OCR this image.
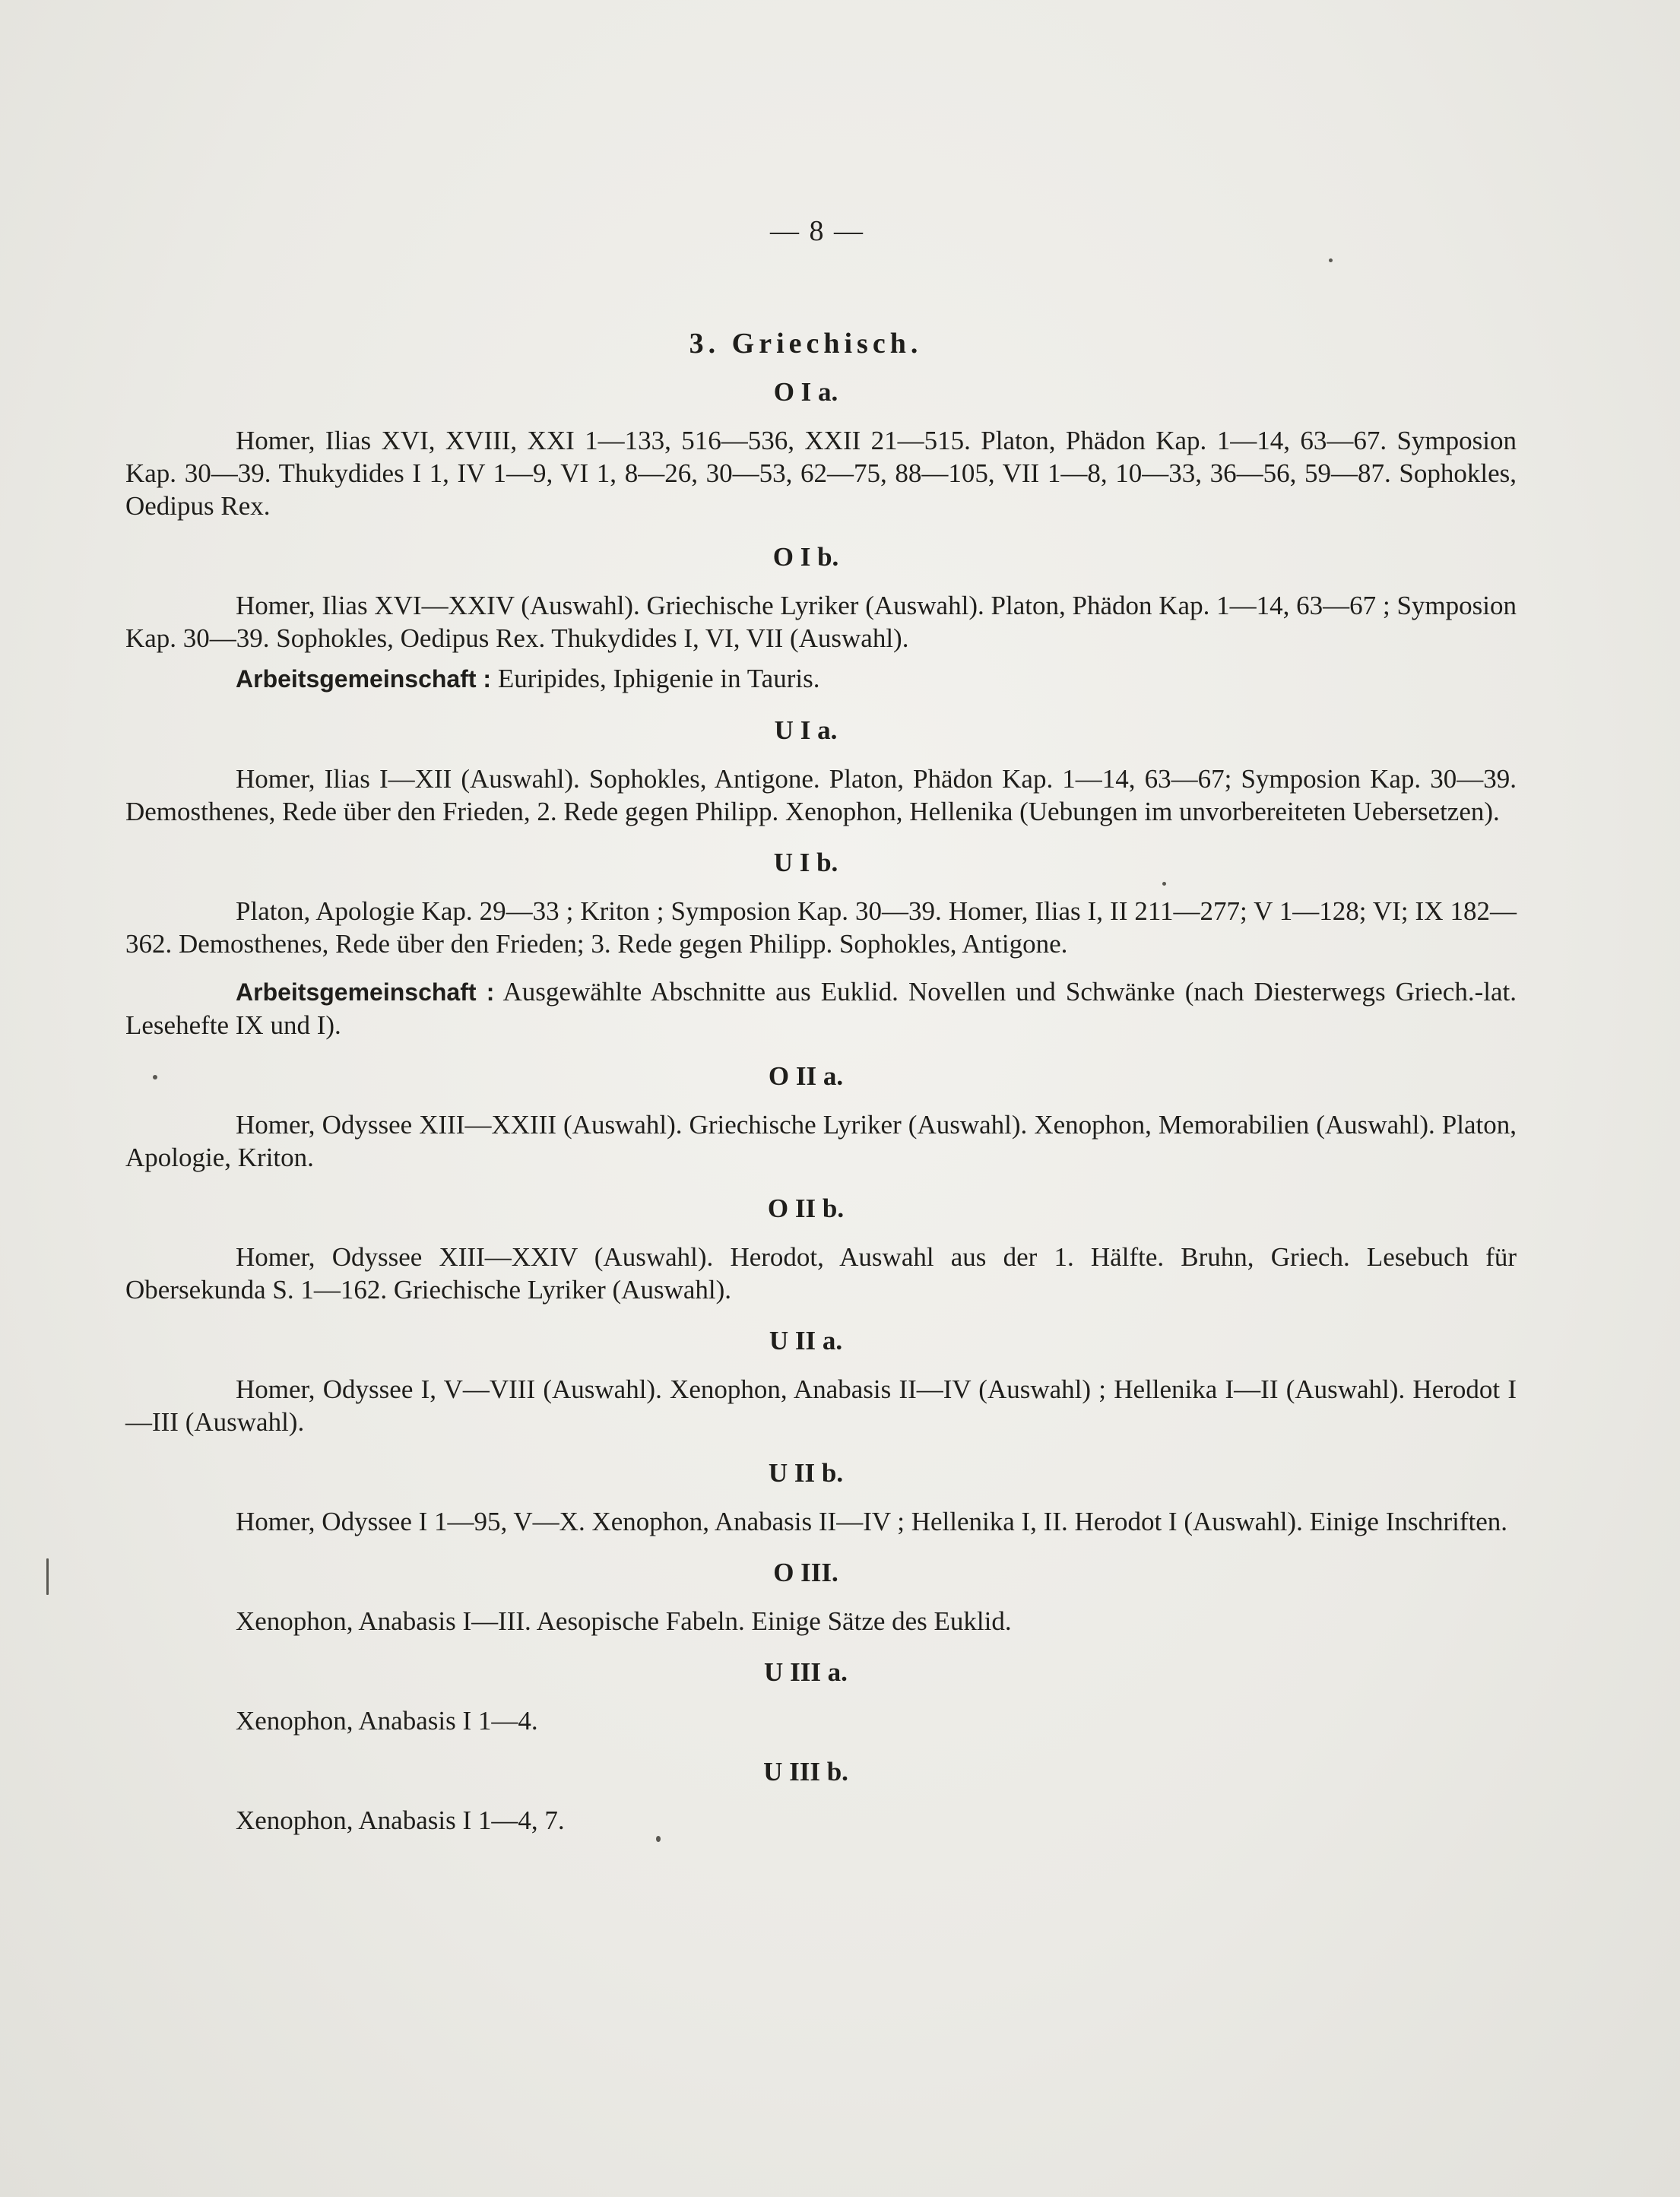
— 8 —
3. Griechisch.
O I a.

Homer, Ilias XVI, XVIII, XXI 1—133, 516—536, XXII 21—515. Platon, Phädon Kap. 1—14, 63—67. Symposion Kap. 30—39. Thukydides I 1, IV 1—9, VI 1, 8—26, 30—53, 62—75, 88—105, VII 1—8, 10—33, 36—56, 59—87. Sophokles, Oedipus Rex.

O I b.

Homer, Ilias XVI—XXIV (Auswahl). Griechische Lyriker (Auswahl). Platon, Phädon Kap. 1—14, 63—67 ; Symposion Kap. 30—39. Sophokles, Oedipus Rex. Thukydides I, VI, VII (Auswahl).

Arbeitsgemeinschaft : Euripides, Iphigenie in Tauris.

U I a.

Homer, Ilias I—XII (Auswahl). Sophokles, Antigone. Platon, Phädon Kap. 1—14, 63—67; Symposion Kap. 30—39. Demosthenes, Rede über den Frieden, 2. Rede gegen Philipp. Xenophon, Hellenika (Uebungen im unvorbereiteten Uebersetzen).

U I b.

Platon, Apologie Kap. 29—33 ; Kriton ; Symposion Kap. 30—39. Homer, Ilias I, II 211—277; V 1—128; VI; IX 182—362. Demosthenes, Rede über den Frieden; 3. Rede gegen Philipp. Sophokles, Antigone.

Arbeitsgemeinschaft : Ausgewählte Abschnitte aus Euklid. Novellen und Schwänke (nach Diesterwegs Griech.-lat. Lesehefte IX und I).

O II a.

Homer, Odyssee XIII—XXIII (Auswahl). Griechische Lyriker (Auswahl). Xenophon, Memorabilien (Auswahl). Platon, Apologie, Kriton.

O II b.

Homer, Odyssee XIII—XXIV (Auswahl). Herodot, Auswahl aus der 1. Hälfte. Bruhn, Griech. Lesebuch für Obersekunda S. 1—162. Griechische Lyriker (Auswahl).

U II a.

Homer, Odyssee I, V—VIII (Auswahl). Xenophon, Anabasis II—IV (Auswahl) ; Hellenika I—II (Auswahl). Herodot I—III (Auswahl).

U II b.

Homer, Odyssee I 1—95, V—X. Xenophon, Anabasis II—IV ; Hellenika I, II. Herodot I (Auswahl). Einige Inschriften.

O III.

Xenophon, Anabasis I—III. Aesopische Fabeln. Einige Sätze des Euklid.

U III a.

Xenophon, Anabasis I 1—4.

U III b.

Xenophon, Anabasis I 1—4, 7.
